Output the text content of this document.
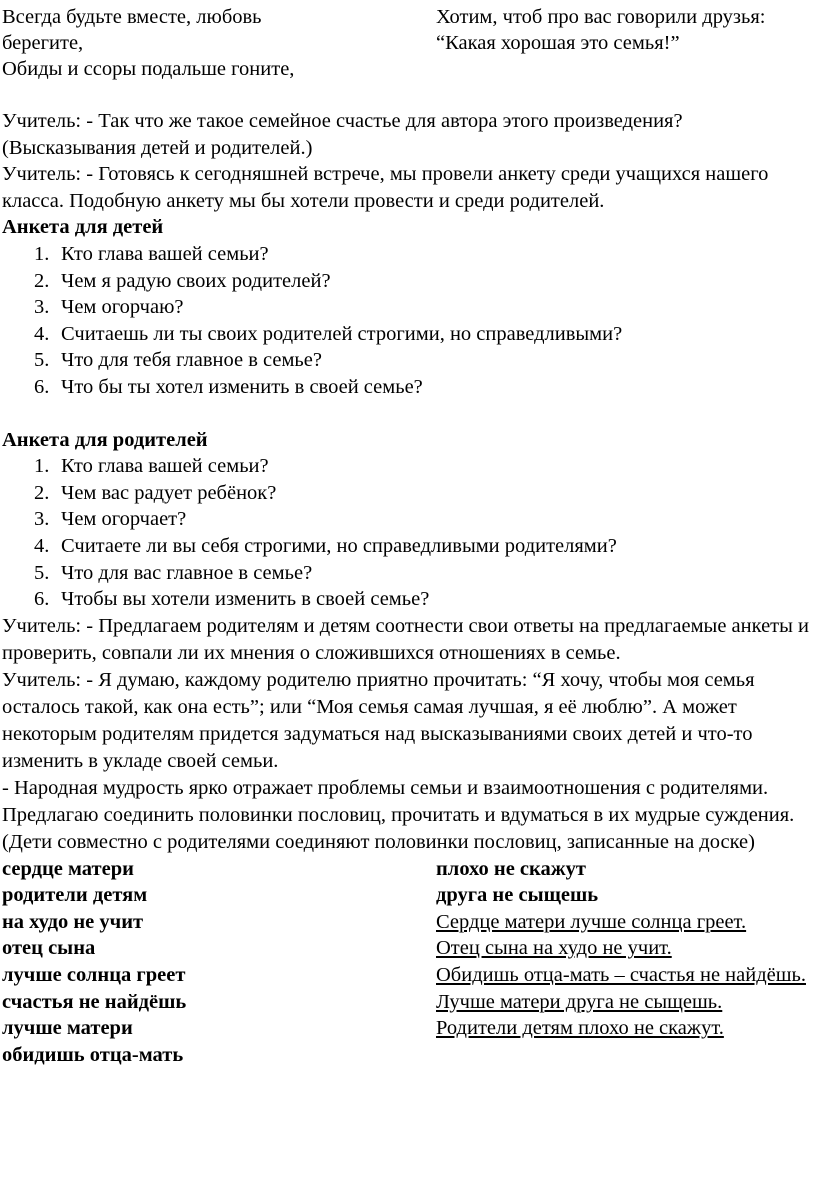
Всегда будьте вместе, любовь
берегите,
Обиды и ссоры подальше гоните,
Хотим, чтоб про вас говорили друзья:
“Какая хорошая это семья!”

Учитель: - Так что же такое семейное счастье для автора этого произведения?

(Высказывания детей и родителей.)

Учитель: - Готовясь к сегодняшней встрече, мы провели анкету среди учащихся нашего класса. Подобную анкету мы бы хотели провести и среди родителей.

Анкета для детей
1. Кто глава вашей семьи?
2. Чем я радую своих родителей?
3. Чем огорчаю?
4. Считаешь ли ты своих родителей строгими, но справедливыми?
5. Что для тебя главное в семье?
6. Что бы ты хотел изменить в своей семье?
Анкета для родителей
1. Кто глава вашей семьи?
2. Чем вас радует ребёнок?
3. Чем огорчает?
4. Считаете ли вы себя строгими, но справедливыми родителями?
5. Что для вас главное в семье?
6. Чтобы вы хотели изменить в своей семье?

Учитель: - Предлагаем родителям и детям соотнести свои ответы на предлагаемые анкеты и проверить, совпали ли их мнения о сложившихся отношениях в семье.

Учитель: - Я думаю, каждому родителю приятно прочитать: “Я хочу, чтобы моя семья осталось такой, как она есть”; или “Моя семья самая лучшая, я её люблю”. А может некоторым родителям придется задуматься над высказываниями своих детей и что-то изменить в укладе своей семьи.

- Народная мудрость ярко отражает проблемы семьи и взаимоотношения с родителями. Предлагаю соединить половинки пословиц, прочитать и вдуматься в их мудрые суждения.

(Дети совместно с родителями соединяют половинки пословиц, записанные на доске)

сердце матери
родители детям
на худо не учит
отец сына
лучше солнца греет
счастья не найдёшь
лучше матери
обидишь отца-мать
плохо не скажут
друга не сыщешь
Сердце матери лучше солнца греет.
Отец сына на худо не учит.
Обидишь отца-мать – счастья не найдёшь.
Лучше матери друга не сыщешь.
Родители детям плохо не скажут.
